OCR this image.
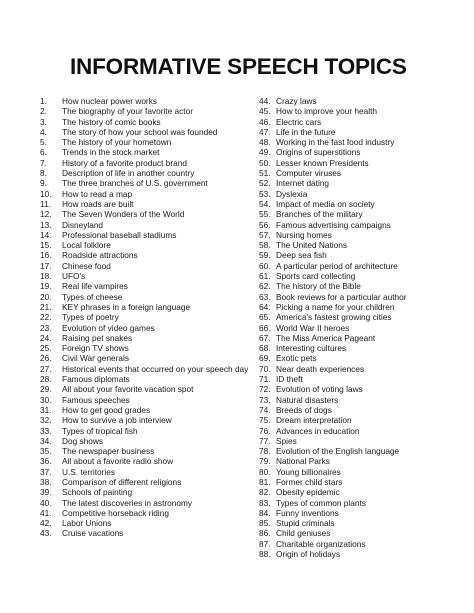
INFORMATIVE SPEECH TOPICS
1.	How nuclear power works
2.	The biography of your favorite actor
3.	The history of comic books
4.	The story of how your school was founded
5.	The history of your hometown
6.	Trends in the stock market
7.	History of a favorite product brand
8.	Description of life in another country
9.	The three branches of U.S. government
10.	How to read a map
11.	How roads are built
12.	The Seven Wonders of the World
13.	Disneyland
14.	Professional baseball stadiums
15.	Local folklore
16.	Roadside attractions
17.	Chinese food
18.	UFO's
19.	Real life vampires
20.	Types of cheese
21.	KEY phrases in a foreign language
22.	Types of poetry
23.	Evolution of video games
24.	Raising pet snakes
25.	Foreign TV shows
26.	Civil War generals
27.	Historical events that occurred on your speech day
28.	Famous diplomats
29.	All about your favorite vacation spot
30.	Famous speeches
31.	How to get good grades
32.	How to survive a job interview
33.	Types of tropical fish
34.	Dog shows
35.	The newspaper business
36.	All about a favorite radio show
37.	U.S. territories
38.	Comparison of different religions
39.	Schools of painting
40.	The latest discoveries in astronomy
41.	Competitive horseback riding
42.	Labor Unions
43.	Cruise vacations
44. Crazy laws
45. How to improve your health
46. Electric cars
47. Life in the future
48. Working in the fast food industry
49. Origins of superstitions
50. Lesser known Presidents
51. Computer viruses
52. Internet dating
53. Dyslexia
54. Impact of media on society
55. Branches of the military
56. Famous advertising campaigns
57. Nursing homes
58. The United Nations
59. Deep sea fish
60. A particular period of architecture
61. Sports card collecting
62. The history of the Bible
63. Book reviews for a particular author
64. Picking a name for your children
65. America's fastest growing cities
66. World War II heroes
67. The Miss America Pageant
68. Interesting cultures
69. Exotic pets
70. Near death experiences
71. ID theft
72. Evolution of voting laws
73. Natural disasters
74. Breeds of dogs
75. Dream interpretation
76. Advances in education
77. Spies
78. Evolution of the English language
79. National Parks
80. Young billionaires
81. Former child stars
82. Obesity epidemic
83. Types of common plants
84. Funny inventions
85. Stupid criminals
86. Child geniuses
87. Charitable organizations
88. Origin of holidays
